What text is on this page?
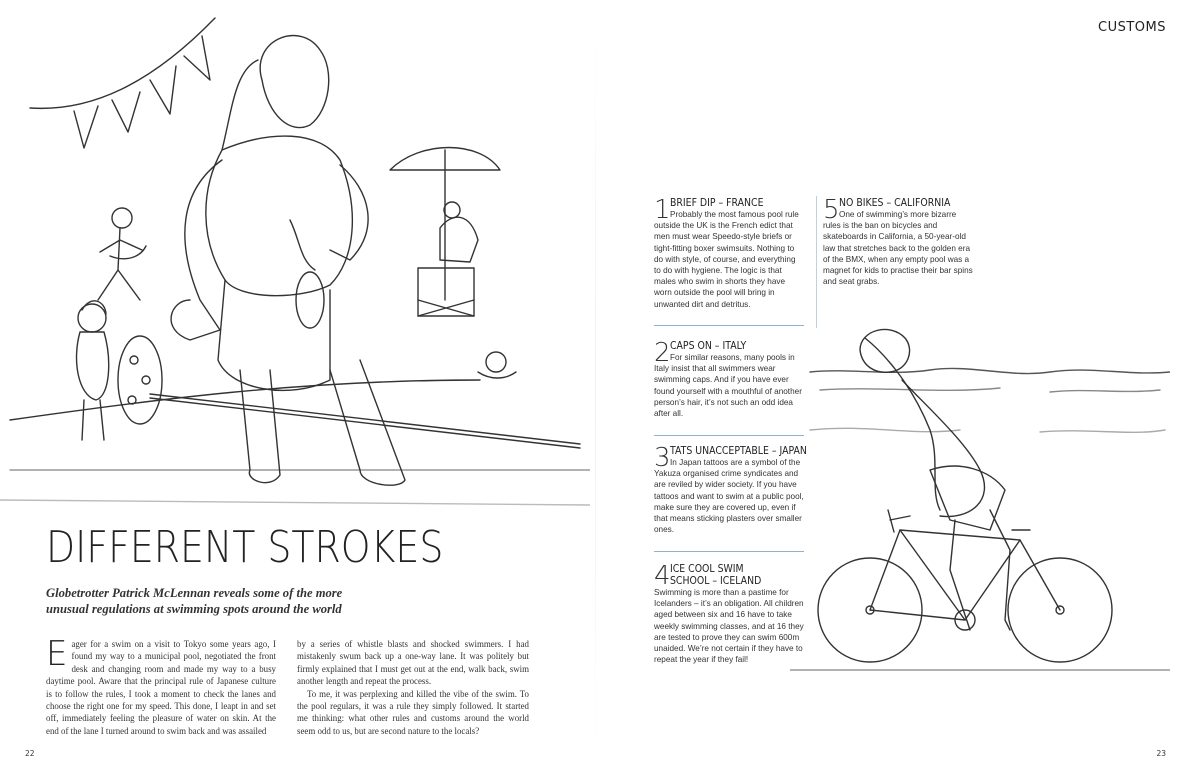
CUSTOMS
DIFFERENT STROKES
Globetrotter Patrick McLennan reveals some of the more
unusual regulations at swimming spots around the world

Eager for a swim on a visit to Tokyo some years ago, I found my way to a municipal pool, negotiated the front desk and changing room and made my way to a busy daytime pool. Aware that the principal rule of Japanese culture is to follow the rules, I took a moment to check the lanes and choose the right one for my speed. This done, I leapt in and set off, immediately feeling the pleasure of water on skin. At the end of the lane I turned around to swim back and was assailed

by a series of whistle blasts and shocked swimmers. I had mistakenly swum back up a one-way lane. It was politely but firmly explained that I must get out at the end, walk back, swim another length and repeat the process.

To me, it was perplexing and killed the vibe of the swim. To the pool regulars, it was a rule they simply followed. It started me thinking: what other rules and customs around the world seem odd to us, but are second nature to the locals?

1 BRIEF DIP – FRANCE
Probably the most famous pool rule outside the UK is the French edict that men must wear Speedo-style briefs or tight-fitting boxer swimsuits. Nothing to do with style, of course, and everything to do with hygiene. The logic is that males who swim in shorts they have worn outside the pool will bring in unwanted dirt and detritus.
2 CAPS ON – ITALY
For similar reasons, many pools in Italy insist that all swimmers wear swimming caps. And if you have ever found yourself with a mouthful of another person’s hair, it’s not such an odd idea after all.
3 TATS UNACCEPTABLE – JAPAN
In Japan tattoos are a symbol of the Yakuza organised crime syndicates and are reviled by wider society. If you have tattoos and want to swim at a public pool, make sure they are covered up, even if that means sticking plasters over smaller ones.
4 ICE COOL SWIM
SCHOOL – ICELAND
Swimming is more than a pastime for Icelanders – it’s an obligation. All children aged between six and 16 have to take weekly swimming classes, and at 16 they are tested to prove they can swim 600m unaided. We’re not certain if they have to repeat the year if they fail!
5 NO BIKES – CALIFORNIA
One of swimming’s more bizarre rules is the ban on bicycles and skateboards in California, a 50-year-old law that stretches back to the golden era of the BMX, when any empty pool was a magnet for kids to practise their bar spins and seat grabs.
22	23
